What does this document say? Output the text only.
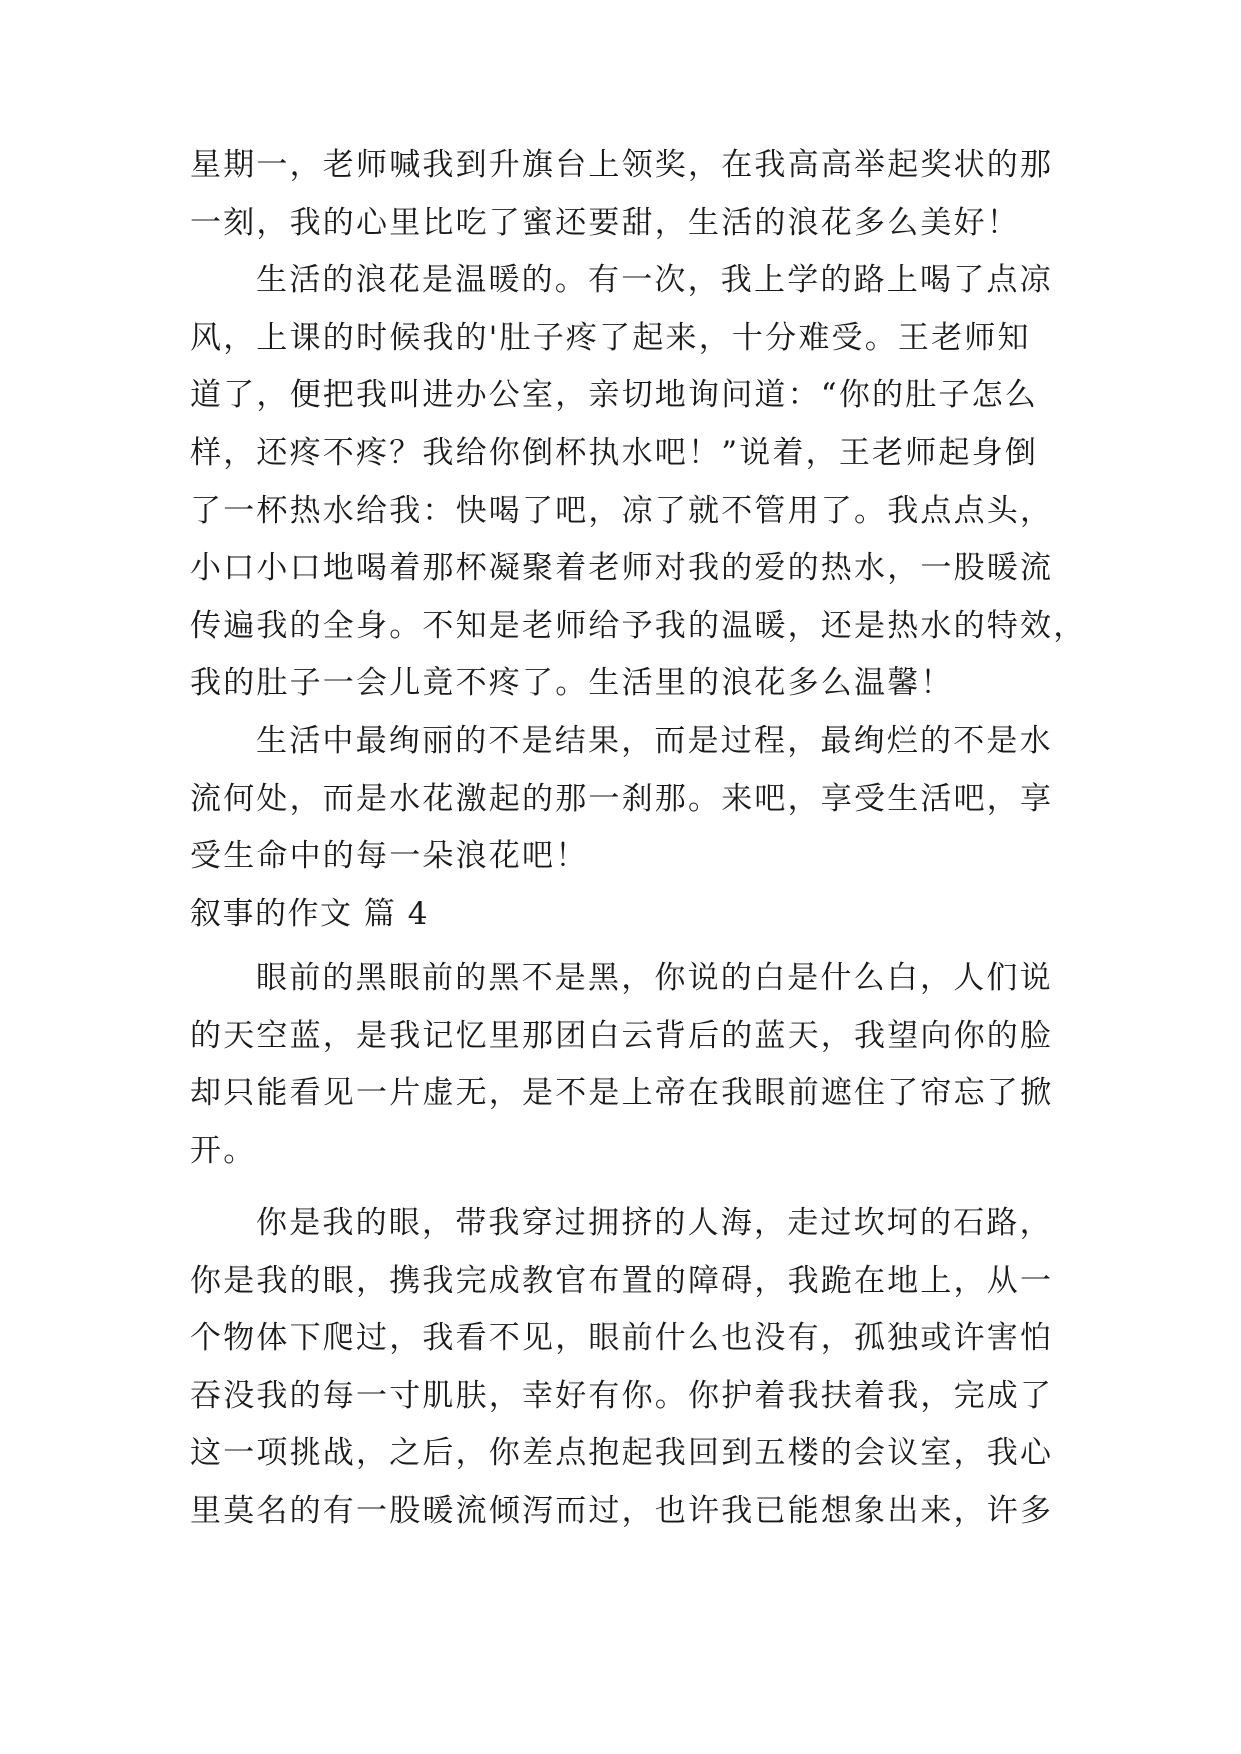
星期一，老师喊我到升旗台上领奖，在我高高举起奖状的那
一刻，我的心里比吃了蜜还要甜，生活的浪花多么美好！
生活的浪花是温暖的。有一次，我上学的路上喝了点凉
风，上课的时候我的'肚子疼了起来，十分难受。王老师知
道了，便把我叫进办公室，亲切地询问道：“你的肚子怎么
样，还疼不疼？我给你倒杯执水吧！”说着，王老师起身倒
了一杯热水给我：快喝了吧，凉了就不管用了。我点点头，
小口小口地喝着那杯凝聚着老师对我的爱的热水，一股暖流
传遍我的全身。不知是老师给予我的温暖，还是热水的特效，
我的肚子一会儿竟不疼了。生活里的浪花多么温馨！
生活中最绚丽的不是结果，而是过程，最绚烂的不是水
流何处，而是水花激起的那一刹那。来吧，享受生活吧，享
受生命中的每一朵浪花吧！
叙事的作文 篇 4
眼前的黑眼前的黑不是黑，你说的白是什么白，人们说
的天空蓝，是我记忆里那团白云背后的蓝天，我望向你的脸
却只能看见一片虚无，是不是上帝在我眼前遮住了帘忘了掀
开。
你是我的眼，带我穿过拥挤的人海，走过坎坷的石路，
你是我的眼，携我完成教官布置的障碍，我跪在地上，从一
个物体下爬过，我看不见，眼前什么也没有，孤独或许害怕
吞没我的每一寸肌肤，幸好有你。你护着我扶着我，完成了
这一项挑战，之后，你差点抱起我回到五楼的会议室，我心
里莫名的有一股暖流倾泻而过，也许我已能想象出来，许多
